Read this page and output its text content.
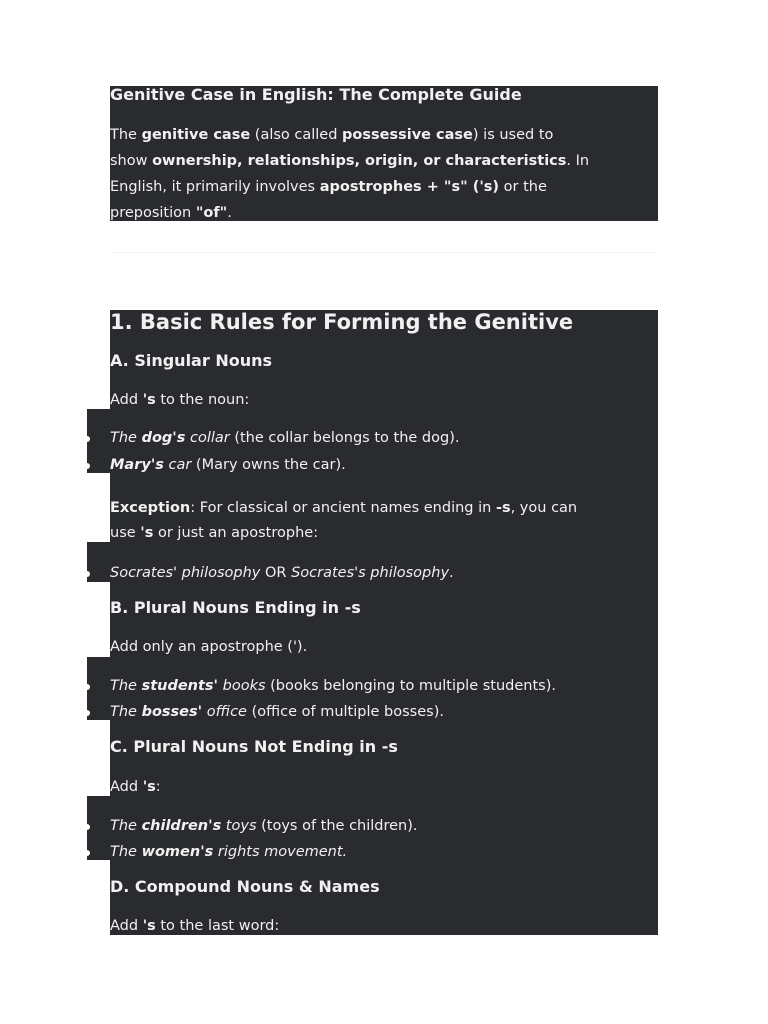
Genitive Case in English: The Complete Guide
The genitive case (also called possessive case) is used to
show ownership, relationships, origin, or characteristics. In
English, it primarily involves apostrophes + "s" ('s) or the
preposition "of".
1. Basic Rules for Forming the Genitive
A. Singular Nouns
Add 's to the noun:
The dog's collar (the collar belongs to the dog).
Mary's car (Mary owns the car).
Exception: For classical or ancient names ending in -s, you can
use 's or just an apostrophe:
Socrates' philosophy OR Socrates's philosophy.
B. Plural Nouns Ending in -s
Add only an apostrophe (').
The students' books (books belonging to multiple students).
The bosses' office (office of multiple bosses).
C. Plural Nouns Not Ending in -s
Add 's:
The children's toys (toys of the children).
The women's rights movement.
D. Compound Nouns & Names
Add 's to the last word:
